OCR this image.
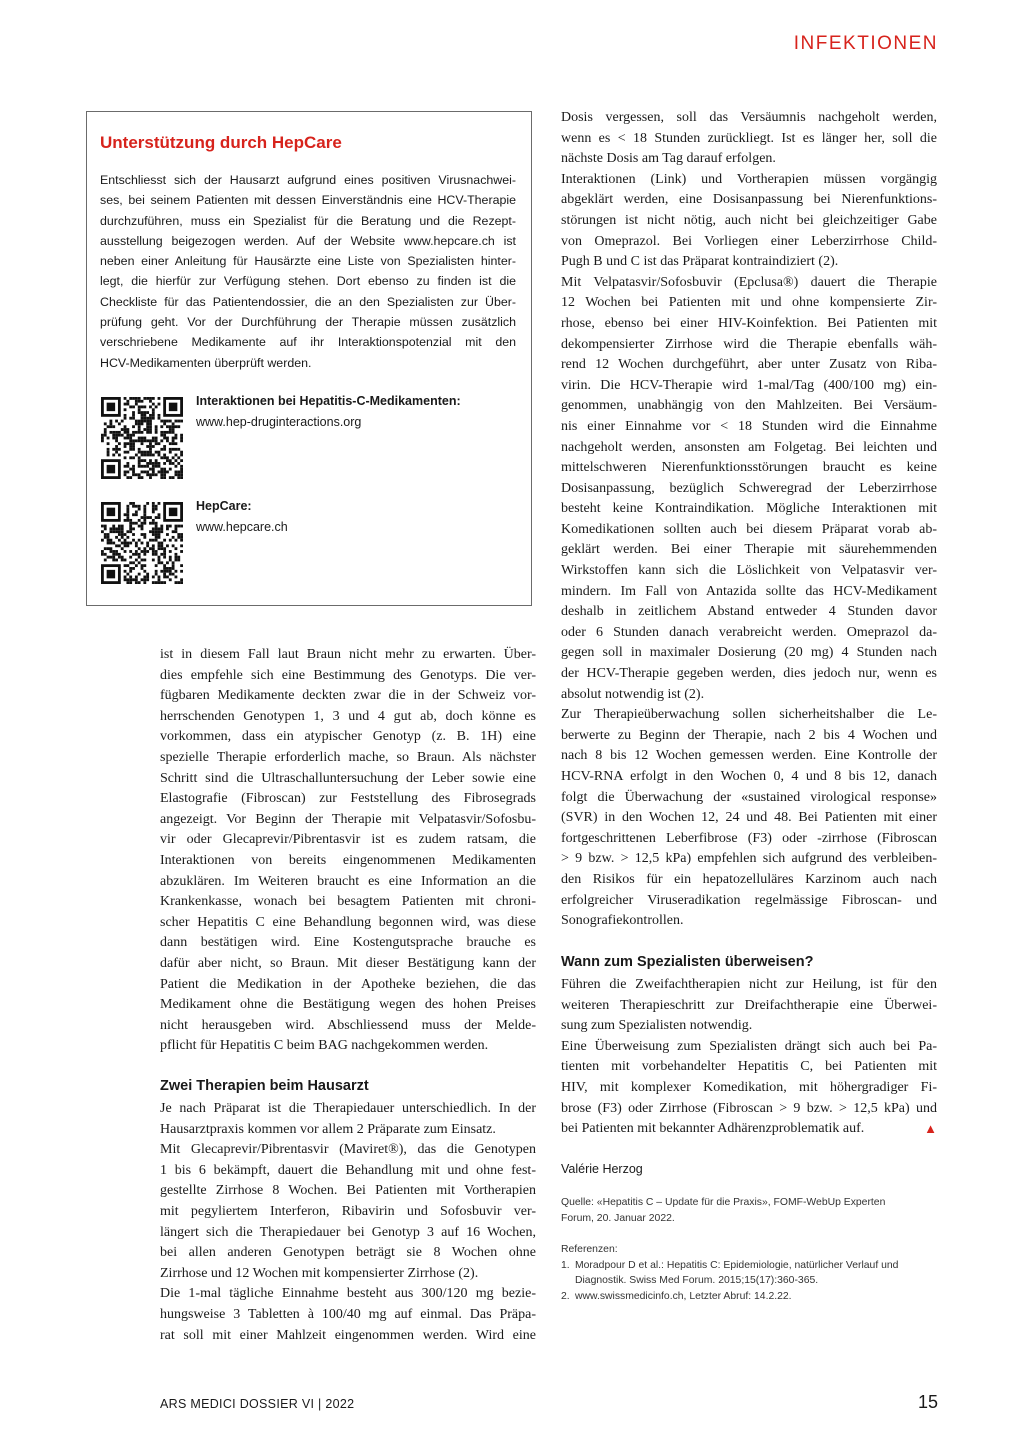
INFEKTIONEN
Unterstützung durch HepCare
Entschliesst sich der Hausarzt aufgrund eines positiven Virusnachwei-
ses, bei seinem Patienten mit dessen Einverständnis eine HCV-Therapie
durchzuführen, muss ein Spezialist für die Beratung und die Rezept-
ausstellung beigezogen werden. Auf der Website www.hepcare.ch ist
neben einer Anleitung für Hausärzte eine Liste von Spezialisten hinter-
legt, die hierfür zur Verfügung stehen. Dort ebenso zu finden ist die
Checkliste für das Patientendossier, die an den Spezialisten zur Über-
prüfung geht. Vor der Durchführung der Therapie müssen zusätzlich
verschriebene Medikamente auf ihr Interaktionspotenzial mit den
HCV-Medikamenten überprüft werden.
Interaktionen bei Hepatitis-C-Medikamenten:
www.hep-druginteractions.org
HepCare:
www.hepcare.ch
ist in diesem Fall laut Braun nicht mehr zu erwarten. Über-
dies empfehle sich eine Bestimmung des Genotyps. Die ver-
fügbaren Medikamente deckten zwar die in der Schweiz vor-
herrschenden Genotypen 1, 3 und 4 gut ab, doch könne es
vorkommen, dass ein atypischer Genotyp (z. B. 1H) eine
spezielle Therapie erforderlich mache, so Braun. Als nächster
Schritt sind die Ultraschalluntersuchung der Leber sowie eine
Elastografie (Fibroscan) zur Feststellung des Fibrosegrads
angezeigt. Vor Beginn der Therapie mit Velpatasvir/Sofosbu-
vir oder Glecaprevir/Pibrentasvir ist es zudem ratsam, die
Interaktionen von bereits eingenommenen Medikamenten
abzuklären. Im Weiteren braucht es eine Information an die
Krankenkasse, wonach bei besagtem Patienten mit chroni-
scher Hepatitis C eine Behandlung begonnen wird, was diese
dann bestätigen wird. Eine Kostengutsprache brauche es
dafür aber nicht, so Braun. Mit dieser Bestätigung kann der
Patient die Medikation in der Apotheke beziehen, die das
Medikament ohne die Bestätigung wegen des hohen Preises
nicht herausgeben wird. Abschliessend muss der Melde-
pflicht für Hepatitis C beim BAG nachgekommen werden.
Zwei Therapien beim Hausarzt
Je nach Präparat ist die Therapiedauer unterschiedlich. In der
Hausarztpraxis kommen vor allem 2 Präparate zum Einsatz.
Mit Glecaprevir/Pibrentasvir (Maviret®), das die Genotypen
1 bis 6 bekämpft, dauert die Behandlung mit und ohne fest-
gestellte Zirrhose 8 Wochen. Bei Patienten mit Vortherapien
mit pegyliertem Interferon, Ribavirin und Sofosbuvir ver-
längert sich die Therapiedauer bei Genotyp 3 auf 16 Wochen,
bei allen anderen Genotypen beträgt sie 8 Wochen ohne
Zirrhose und 12 Wochen mit kompensierter Zirrhose (2).
Die 1-mal tägliche Einnahme besteht aus 300/120 mg bezie-
hungsweise 3 Tabletten à 100/40 mg auf einmal. Das Präpa-
rat soll mit einer Mahlzeit eingenommen werden. Wird eine
Dosis vergessen, soll das Versäumnis nachgeholt werden,
wenn es < 18 Stunden zurückliegt. Ist es länger her, soll die
nächste Dosis am Tag darauf erfolgen.
Interaktionen (Link) und Vortherapien müssen vorgängig
abgeklärt werden, eine Dosisanpassung bei Nierenfunktions-
störungen ist nicht nötig, auch nicht bei gleichzeitiger Gabe
von Omeprazol. Bei Vorliegen einer Leberzirrhose Child-
Pugh B und C ist das Präparat kontraindiziert (2).
Mit Velpatasvir/Sofosbuvir (Epclusa®) dauert die Therapie
12 Wochen bei Patienten mit und ohne kompensierte Zir-
rhose, ebenso bei einer HIV-Koinfektion. Bei Patienten mit
dekompensierter Zirrhose wird die Therapie ebenfalls wäh-
rend 12 Wochen durchgeführt, aber unter Zusatz von Riba-
virin. Die HCV-Therapie wird 1-mal/Tag (400/100 mg) ein-
genommen, unabhängig von den Mahlzeiten. Bei Versäum-
nis einer Einnahme vor < 18 Stunden wird die Einnahme
nachgeholt werden, ansonsten am Folgetag. Bei leichten und
mittelschweren Nierenfunktionsstörungen braucht es keine
Dosisanpassung, bezüglich Schweregrad der Leberzirrhose
besteht keine Kontraindikation. Mögliche Interaktionen mit
Komedikationen sollten auch bei diesem Präparat vorab ab-
geklärt werden. Bei einer Therapie mit säurehemmenden
Wirkstoffen kann sich die Löslichkeit von Velpatasvir ver-
mindern. Im Fall von Antazida sollte das HCV-Medikament
deshalb in zeitlichem Abstand entweder 4 Stunden davor
oder 6 Stunden danach verabreicht werden. Omeprazol da-
gegen soll in maximaler Dosierung (20 mg) 4 Stunden nach
der HCV-Therapie gegeben werden, dies jedoch nur, wenn es
absolut notwendig ist (2).
Zur Therapieüberwachung sollen sicherheitshalber die Le-
berwerte zu Beginn der Therapie, nach 2 bis 4 Wochen und
nach 8 bis 12 Wochen gemessen werden. Eine Kontrolle der
HCV-RNA erfolgt in den Wochen 0, 4 und 8 bis 12, danach
folgt die Überwachung der «sustained virological response»
(SVR) in den Wochen 12, 24 und 48. Bei Patienten mit einer
fortgeschrittenen Leberfibrose (F3) oder -zirrhose (Fibroscan
> 9 bzw. > 12,5 kPa) empfehlen sich aufgrund des verbleiben-
den Risikos für ein hepatozelluläres Karzinom auch nach
erfolgreicher Viruseradikation regelmässige Fibroscan- und
Sonografiekontrollen.
Wann zum Spezialisten überweisen?
Führen die Zweifachtherapien nicht zur Heilung, ist für den
weiteren Therapieschritt zur Dreifachtherapie eine Überwei-
sung zum Spezialisten notwendig.
Eine Überweisung zum Spezialisten drängt sich auch bei Pa-
tienten mit vorbehandelter Hepatitis C, bei Patienten mit
HIV, mit komplexer Komedikation, mit höhergradiger Fi-
brose (F3) oder Zirrhose (Fibroscan > 9 bzw. > 12,5 kPa) und
bei Patienten mit bekannter Adhärenzproblematik auf.	▲
Valérie Herzog
Quelle: «Hepatitis C – Update für die Praxis», FOMF-WebUp Experten
Forum, 20. Januar 2022.
Referenzen:
1. Moradpour D et al.: Hepatitis C: Epidemiologie, natürlicher Verlauf und
Diagnostik. Swiss Med Forum. 2015;15(17):360-365.
2. www.swissmedicinfo.ch, Letzter Abruf: 14.2.22.
ARS MEDICI DOSSIER VI | 2022	15
